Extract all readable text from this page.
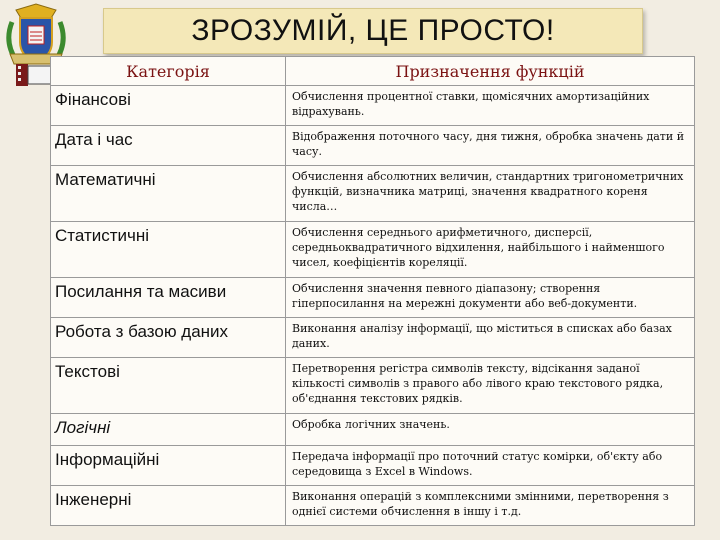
ЗРОЗУМІЙ, ЦЕ ПРОСТО!
Категорія	Призначення функцій
Фінансові	Обчислення процентної ставки, щомісячних амортизаційних відрахувань.
Дата і час	Відображення поточного часу, дня тижня, обробка значень дати й часу.
Математичні	Обчислення абсолютних величин, стандартних тригонометричних функцій, визначника матриці, значення квадратного кореня числа…
Статистичні	Обчислення середнього арифметичного, дисперсії, середньоквадратичного відхилення, найбільшого і найменшого чисел, коефіцієнтів кореляції.
Посилання та масиви	Обчислення значення певного діапазону; створення гіперпосилання на мережні документи або веб-документи.
Робота з базою даних	Виконання аналізу інформації, що міститься в списках або базах даних.
Текстові	Перетворення регістра символів тексту, відсікання заданої кількості символів з правого або лівого краю текстового рядка, об'єднання текстових рядків.
Логічні	Обробка логічних значень.
Інформаційні	Передача інформації про поточний статус комірки, об'єкту або середовища з Excel в Windows.
Інженерні	Виконання операцій з комплексними змінними, перетворення з однієї системи обчислення в іншу і т.д.
